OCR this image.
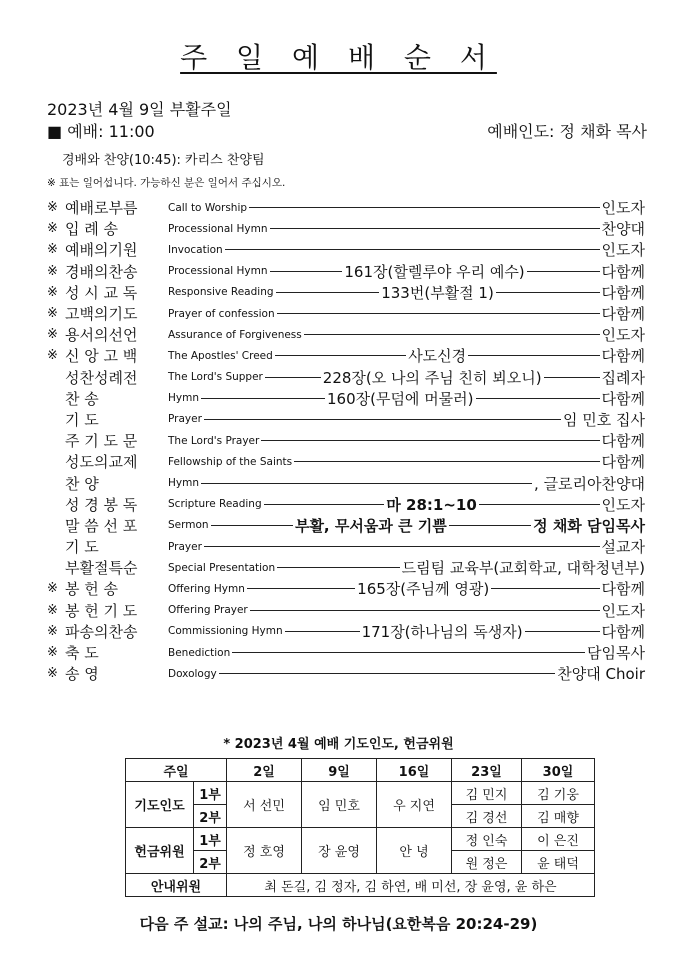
주 일 예 배 순 서
2023년 4월 9일 부활주일
■ 예배: 11:00	예배인도: 정 채화 목사
경배와 찬양(10:45): 카리스 찬양팀
※ 표는 일어섭니다. 가능하신 분은 일어서 주십시오.
※ 예배로부름	Call to Worship	인도자
※ 입 례 송	Processional Hymn	찬양대
※ 예배의기원	Invocation	인도자
※ 경배의찬송	Processional Hymn	161장(할렐루야 우리 예수)	다함께
※ 성 시 교 독	Responsive Reading	133번(부활절 1)	다함께
※ 고백의기도	Prayer of confession	다함께
※ 용서의선언	Assurance of Forgiveness	인도자
※ 신 앙 고 백	The Apostles' Creed	사도신경	다함께
성찬성례전	The Lord's Supper	228장(오 나의 주님 친히 뵈오니)	집례자
찬 송	Hymn	160장(무덤에 머물러)	다함께
기 도	Prayer	임 민호 집사
주 기 도 문	The Lord's Prayer	다함께
성도의교제	Fellowship of the Saints	다함께
찬 양	Hymn	, 글로리아찬양대
성 경 봉 독	Scripture Reading	마 28:1~10	인도자
말 씀 선 포	Sermon	부활, 무서움과 큰 기쁨	정 채화 담임목사
기 도	Prayer	설교자
부활절특순	Special Presentation	드림팀 교육부(교회학교, 대학청년부)
※ 봉 헌 송	Offering Hymn	165장(주님께 영광)	다함께
※ 봉 헌 기 도	Offering Prayer	인도자
※ 파송의찬송	Commissioning Hymn	171장(하나님의 독생자)	다함께
※ 축 도	Benediction	담임목사
※ 송 영	Doxology	찬양대 Choir
* 2023년 4월 예배 기도인도, 헌금위원
주일		2일	9일	16일	23일	30일
기도인도	1부	서 선민	임 민호	우 지연	김 민지	김 기웅
	2부				김 경선	김 매향
헌금위원	1부	정 호영	장 윤영	안 녕	정 인숙	이 은진
	2부				원 정은	윤 태덕
안내위원		최 돈길, 김 정자, 김 하연, 배 미선, 장 윤영, 윤 하은				
다음 주 설교: 나의 주님, 나의 하나님(요한복음 20:24-29)
